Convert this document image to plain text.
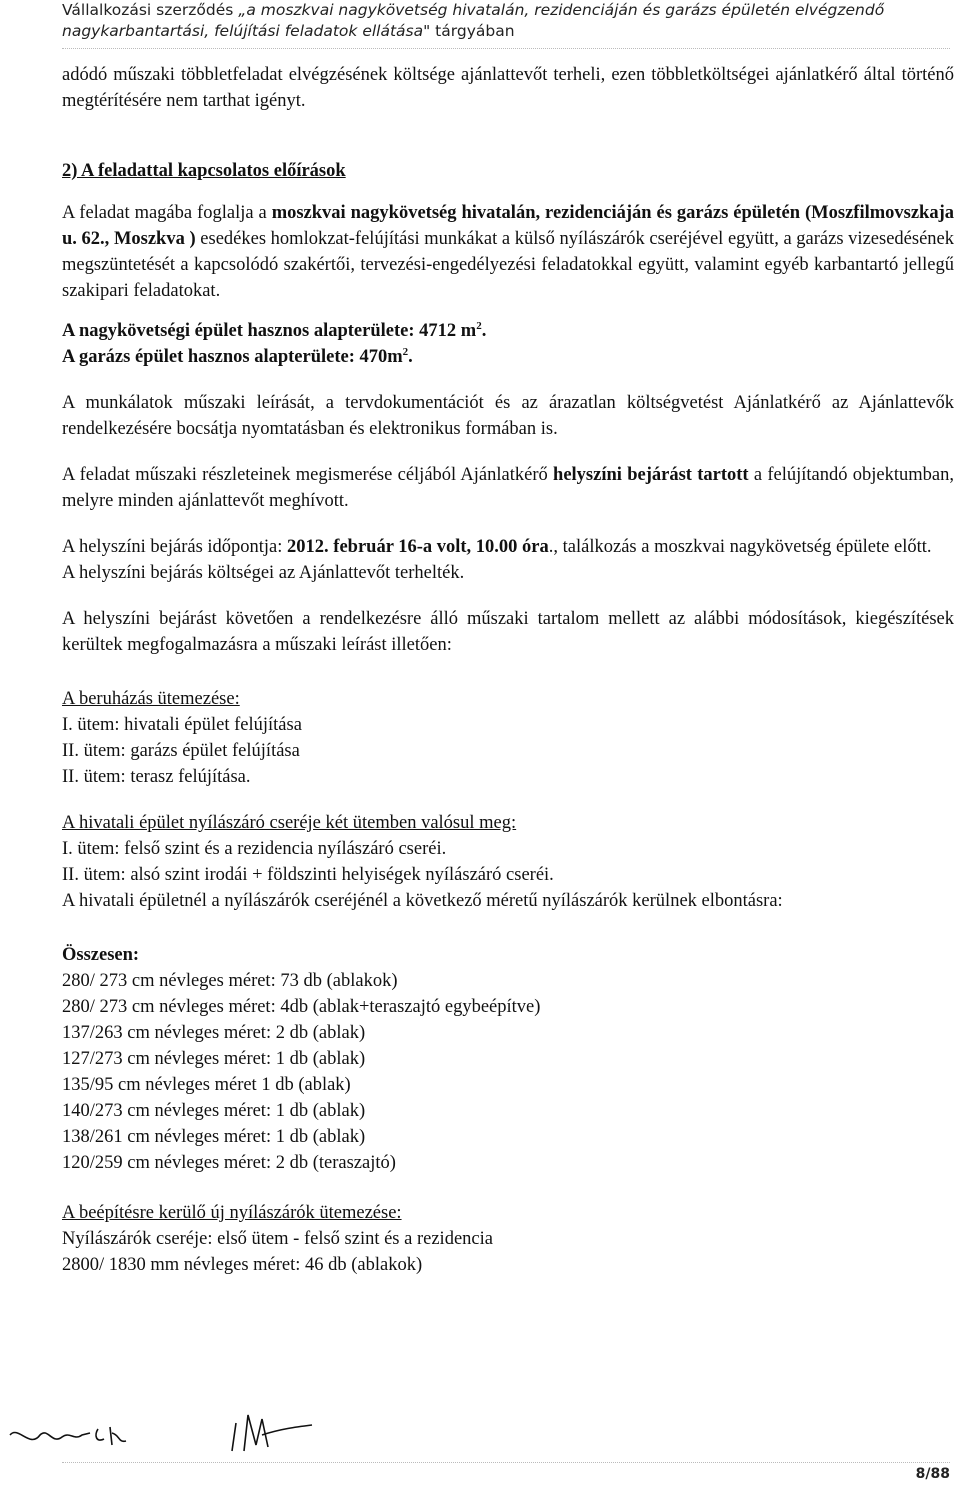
Vállalkozási szerződés „a moszkvai nagykövetség hivatalán, rezidenciáján és garázs épületén elvégzendő
nagykarbantartási, felújítási feladatok ellátása" tárgyában

adódó műszaki többletfeladat elvégzésének költsége ajánlattevőt terheli, ezen többletköltségei ajánlatkérő által történő megtérítésére nem tarthat igényt.

2) A feladattal kapcsolatos előírások

A feladat magába foglalja a moszkvai nagykövetség hivatalán, rezidenciáján és garázs épületén (Moszfilmovszkaja u. 62., Moszkva ) esedékes homlokzat-felújítási munkákat a külső nyílászárók cseréjével együtt, a garázs vizesedésének megszüntetését a kapcsolódó szakértői, tervezési-engedélyezési feladatokkal együtt, valamint egyéb karbantartó jellegű szakipari feladatokat.

A nagykövetségi épület hasznos alapterülete: 4712 $m^2$.

A garázs épület hasznos alapterülete: $470m^2$.

A munkálatok műszaki leírását, a tervdokumentációt és az árazatlan költségvetést Ajánlatkérő az Ajánlattevők rendelkezésére bocsátja nyomtatásban és elektronikus formában is.

A feladat műszaki részleteinek megismerése céljából Ajánlatkérő helyszíni bejárást tartott a felújítandó objektumban, melyre minden ajánlattevőt meghívott.

A helyszíni bejárás időpontja: 2012. február 16-a volt, 10.00 óra., találkozás a moszkvai nagykövetség épülete előtt.

A helyszíni bejárás költségei az Ajánlattevőt terhelték.

A helyszíni bejárást követően a rendelkezésre álló műszaki tartalom mellett az alábbi módosítások, kiegészítések kerültek megfogalmazásra a műszaki leírást illetően:

A beruházás ütemezése:

I. ütem: hivatali épület felújítása

II. ütem: garázs épület felújítása

II. ütem: terasz felújítása.

A hivatali épület nyílászáró cseréje két ütemben valósul meg:

I. ütem: felső szint és a rezidencia nyílászáró cseréi.

II. ütem: alsó szint irodái + földszinti helyiségek nyílászáró cseréi.

A hivatali épületnél a nyílászárók cseréjénél a következő méretű nyílászárók kerülnek elbontásra:

Összesen:

280/ 273 cm névleges méret: 73 db (ablakok)

280/ 273 cm névleges méret: 4db (ablak+teraszajtó egybeépítve)

137/263 cm névleges méret: 2 db (ablak)

127/273 cm névleges méret: 1 db (ablak)

135/95 cm névleges méret 1 db (ablak)

140/273 cm névleges méret: 1 db (ablak)

138/261 cm névleges méret: 1 db (ablak)

120/259 cm névleges méret: 2 db (teraszajtó)

A beépítésre kerülő új nyílászárók ütemezése:

Nyílászárók cseréje: első ütem - felső szint és a rezidencia

2800/ 1830 mm névleges méret: 46 db (ablakok)

8/88
